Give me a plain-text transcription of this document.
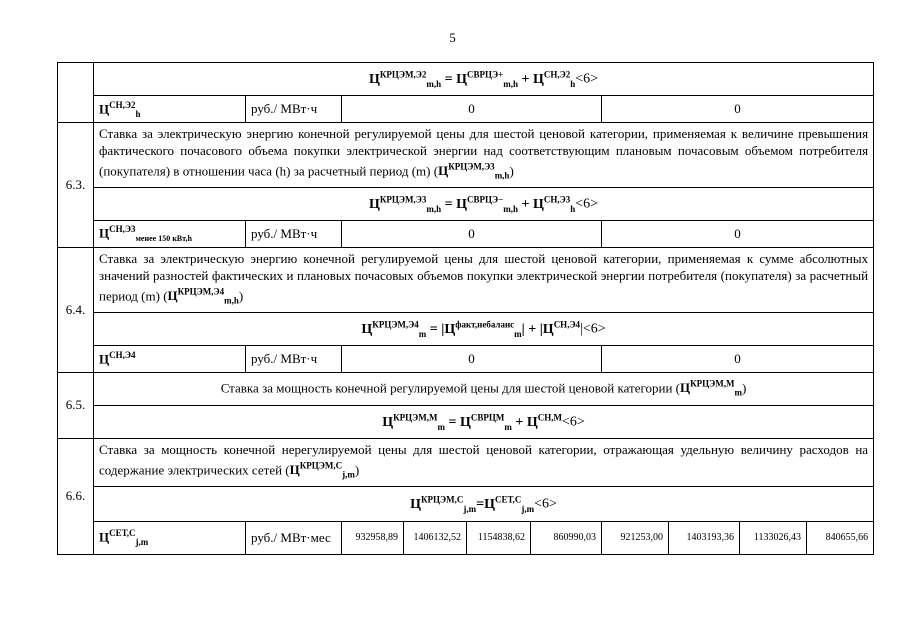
5
	$Ц^{КРЦЭМ,Э2}_{m,h} = Ц^{СВРЦЭ+}_{m,h} + Ц^{СН,Э2}_h<6>$									
	$Ц^{СН,Э2}_h$	руб./ МВт·ч	0				0			
6.3.	Ставка за электрическую энергию конечной регулируемой цены для шестой ценовой категории, применяемая к величине превышения фактического почасового объема покупки электрической энергии над соответствующим плановым почасовым объемом потребителя (покупателя) в отношении часа (h) за расчетный период (m) $(Ц^{КРЦЭМ,Э3}_{m,h})$									
	$Ц^{КРЦЭМ,Э3}_{m,h} = Ц^{СВРЦЭ-}_{m,h} + Ц^{СН,Э3}_h<6>$									
	$Ц^{СН,Э3}_{менее 150 кВт,h}$	руб./ МВт·ч	0				0			
6.4.	Ставка за электрическую энергию конечной регулируемой цены для шестой ценовой категории, применяемая к сумме абсолютных значений разностей фактических и плановых почасовых объемов покупки электрической энергии потребителя (покупателя) за расчетный период (m) $(Ц^{КРЦЭМ,Э4}_{m,h})$									
	$Ц^{КРЦЭМ,Э4}_m = |Ц^{факт,небаланс}_m| + |Ц^{СН,Э4}|<6>$									
	$Ц^{СН,Э4}$	руб./ МВт·ч	0				0			
6.5.	Ставка за мощность конечной регулируемой цены для шестой ценовой категории $(Ц^{КРЦЭМ,М}_m)$									
	$Ц^{КРЦЭМ,М}_m = Ц^{СВРЦМ}_m + Ц^{СН,М}<6>$									
6.6.	Ставка за мощность конечной нерегулируемой цены для шестой ценовой категории, отражающая удельную величину расходов на содержание электрических сетей $(Ц^{КРЦЭМ,С}_{j,m})$									
	$Ц^{КРЦЭМ,С}_{j,m}=Ц^{СЕТ,С}_{j,m}<6>$									
	$Ц^{СЕТ,С}_{j,m}$	руб./ МВт·мес	932958,89	1406132,52	1154838,62	860990,03	921253,00	1403193,36	1133026,43	840655,66
